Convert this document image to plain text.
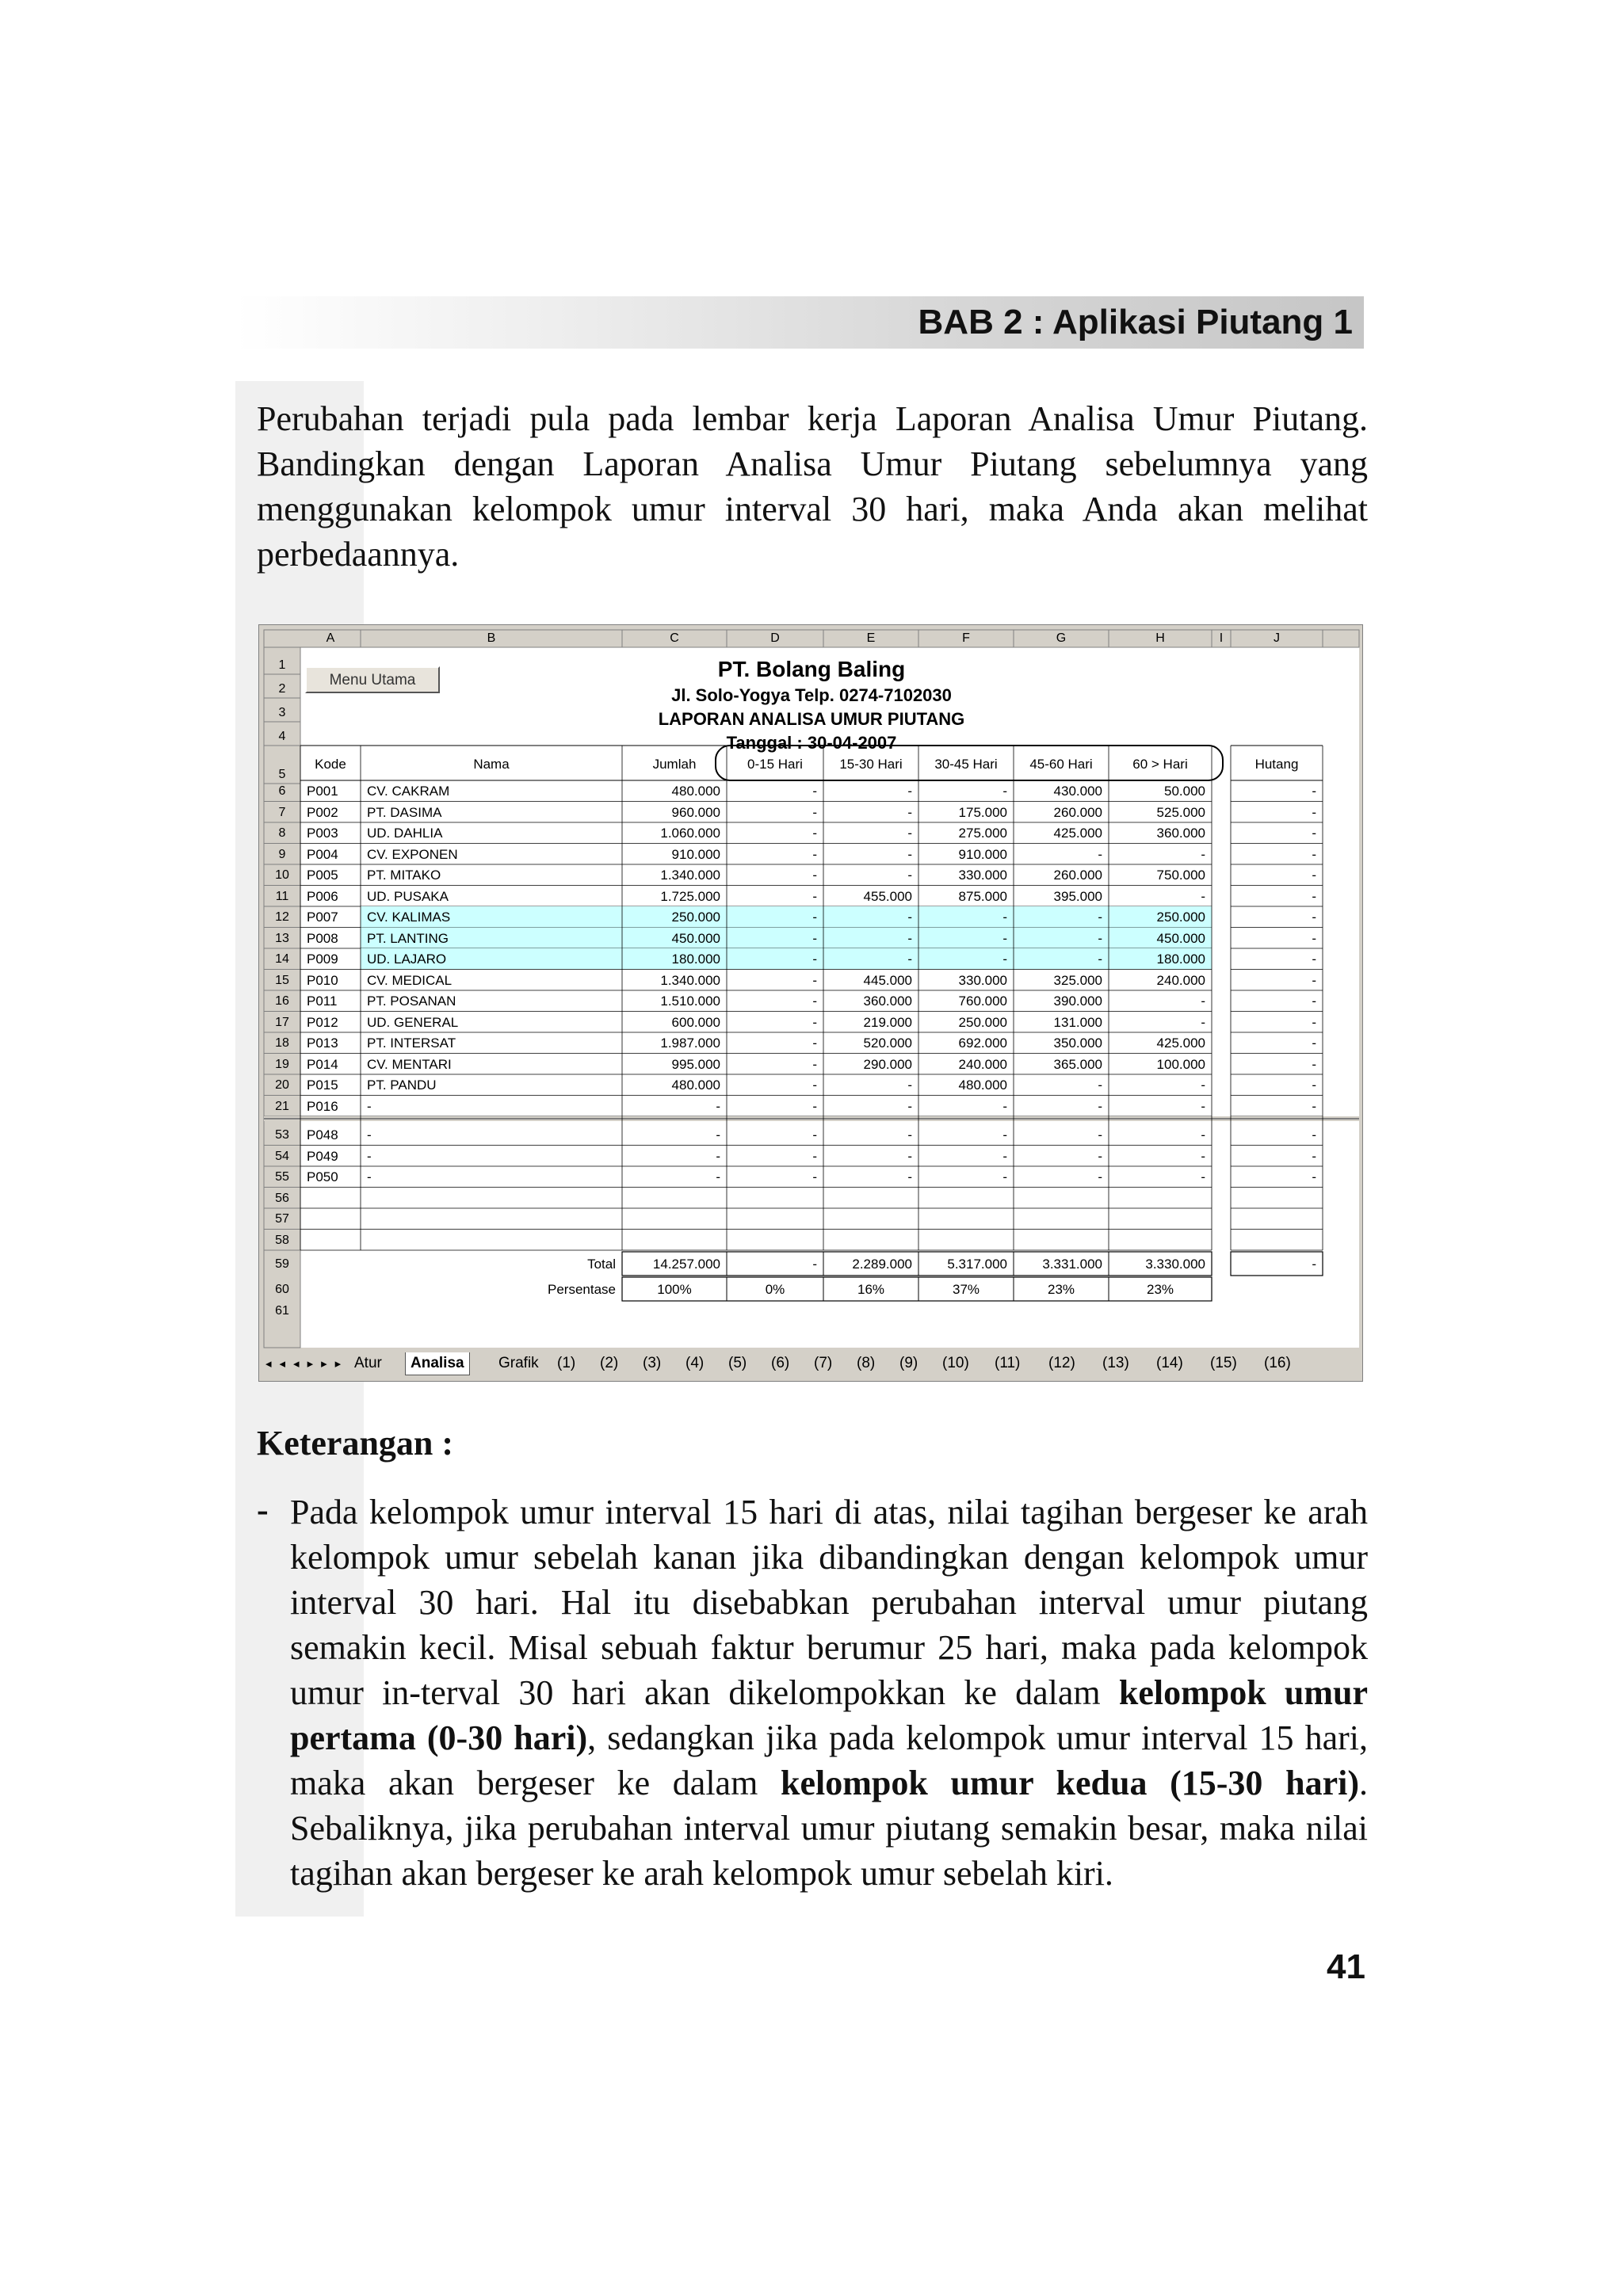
BAB 2 : Aplikasi Piutang 1
Perubahan terjadi pula pada lembar kerja Laporan Analisa Umur Piutang. Bandingkan dengan Laporan Analisa Umur Piutang sebelumnya yang menggunakan kelompok umur interval 30 hari, maka Anda akan melihat perbedaannya.
Menu Utama	PT. Bolang Baling
Jl. Solo-Yogya Telp. 0274-7102030
LAPORAN ANALISA UMUR PIUTANG
Tanggal : 30-04-2007
A	B	C	D	E	F	G	H	I	J
1
2
3
4
5
Kode	Nama	Jumlah	0-15 Hari	15-30 Hari	30-45 Hari	45-60 Hari	60 > Hari	Hutang
6	P001	CV. CAKRAM	480.000	-	-	-	430.000	50.000	-
7	P002	PT. DASIMA	960.000	-	-	175.000	260.000	525.000	-
8	P003	UD. DAHLIA	1.060.000	-	-	275.000	425.000	360.000	-
9	P004	CV. EXPONEN	910.000	-	-	910.000	-	-	-
10	P005	PT. MITAKO	1.340.000	-	-	330.000	260.000	750.000	-
11	P006	UD. PUSAKA	1.725.000	-	455.000	875.000	395.000	-	-
12	P007	CV. KALIMAS	250.000	-	-	-	-	250.000	-
13	P008	PT. LANTING	450.000	-	-	-	-	450.000	-
14	P009	UD. LAJARO	180.000	-	-	-	-	180.000	-
15	P010	CV. MEDICAL	1.340.000	-	445.000	330.000	325.000	240.000	-
16	P011	PT. POSANAN	1.510.000	-	360.000	760.000	390.000	-	-
17	P012	UD. GENERAL	600.000	-	219.000	250.000	131.000	-	-
18	P013	PT. INTERSAT	1.987.000	-	520.000	692.000	350.000	425.000	-
19	P014	CV. MENTARI	995.000	-	290.000	240.000	365.000	100.000	-
20	P015	PT. PANDU	480.000	-	-	480.000	-	-	-
21	P016	-	-	-	-	-	-	-	-
53	P048	-	-	-	-	-	-	-	-
54	P049	-	-	-	-	-	-	-	-
55	P050	-	-	-	-	-	-	-	-
56
57
58
59	Total	14.257.000	-	2.289.000	5.317.000	3.331.000	3.330.000	-
60	Persentase	100%	0%	16%	37%	23%	23%
61
◂◂◂▸▸▸ Atur	Analisa	Grafik	(1)	(2)	(3)	(4)	(5)	(6)	(7)	(8)	(9)	(10)	(11)	(12)	(13)	(14)	(15)	(16)
Keterangan :
- Pada kelompok umur interval 15 hari di atas, nilai tagihan bergeser ke arah kelompok umur sebelah kanan jika dibandingkan dengan kelompok umur interval 30 hari. Hal itu disebabkan perubahan interval umur piutang semakin kecil. Misal sebuah faktur berumur 25 hari, maka pada kelompok umur in-terval 30 hari akan dikelompokkan ke dalam kelompok umur pertama (0-30 hari), sedangkan jika pada kelompok umur interval 15 hari, maka akan bergeser ke dalam kelompok umur kedua (15-30 hari). Sebaliknya, jika perubahan interval umur piutang semakin besar, maka nilai tagihan akan bergeser ke arah kelompok umur sebelah kiri.
41
